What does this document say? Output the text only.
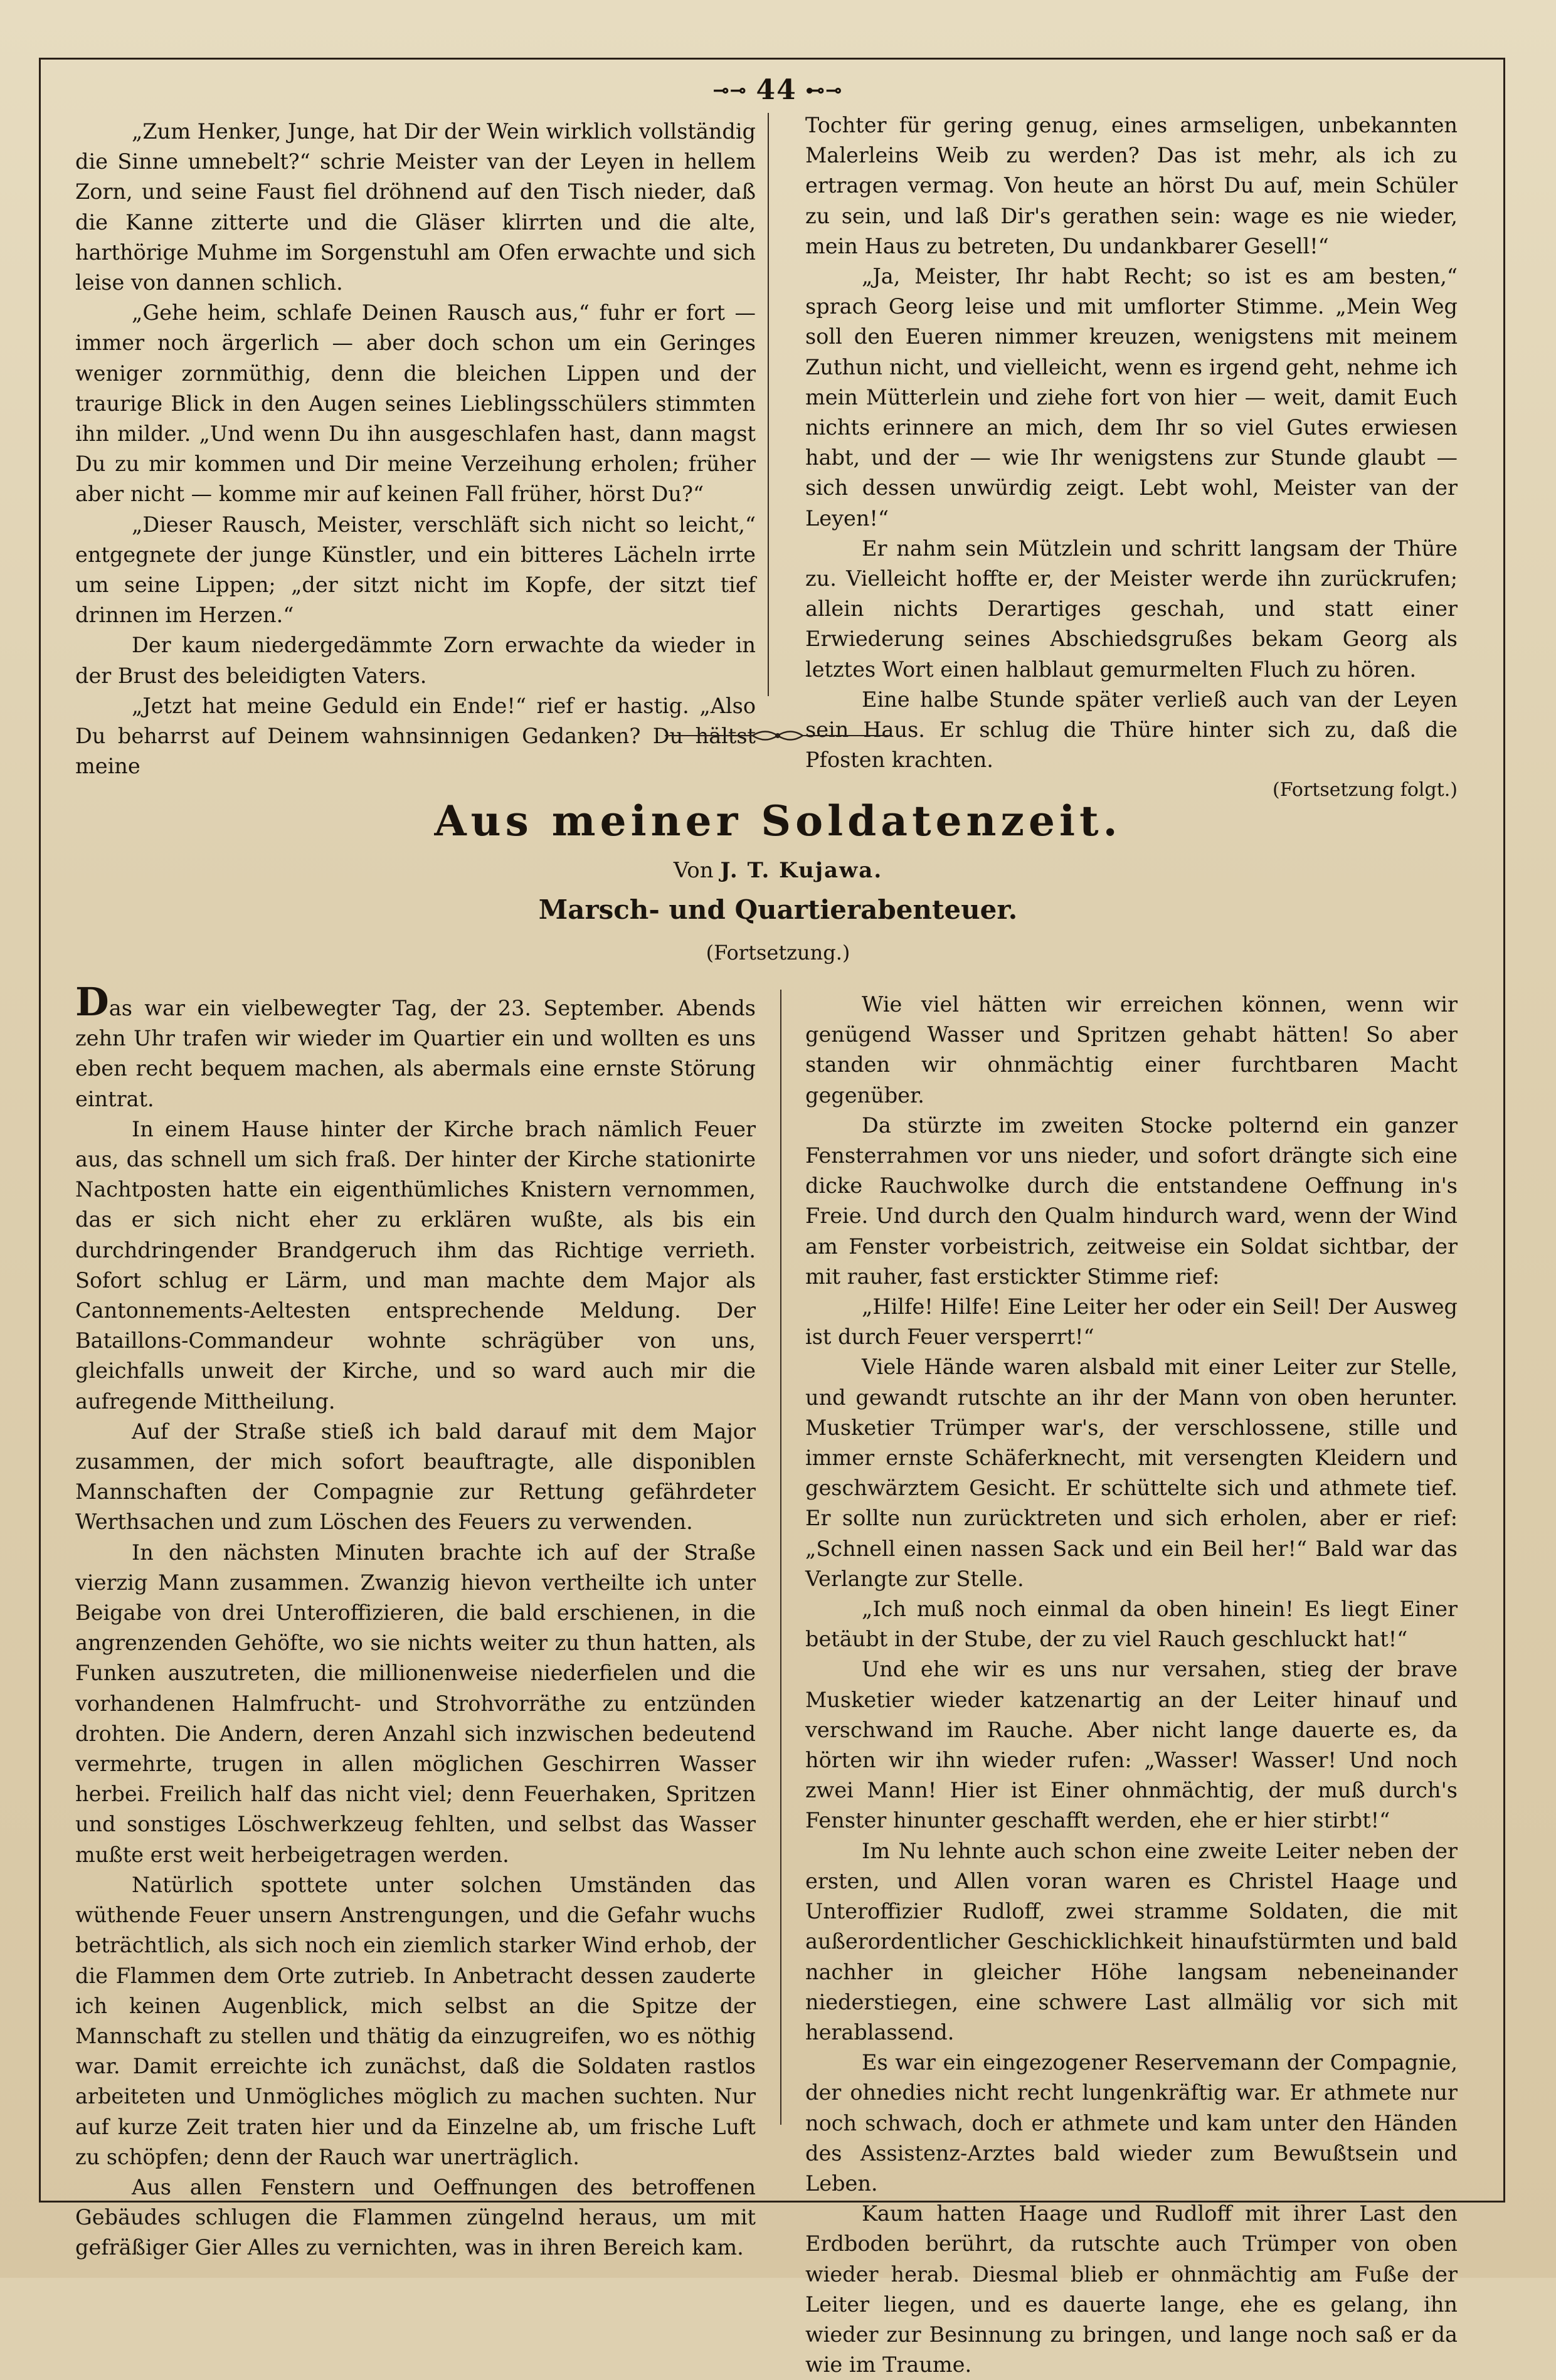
⊸⊸ 44 ⊷⊸

„Zum Henker, Junge, hat Dir der Wein wirklich vollständig die Sinne umnebelt?“ schrie Meister van der Leyen in hellem Zorn, und seine Faust fiel dröhnend auf den Tisch nieder, daß die Kanne zitterte und die Gläser klirrten und die alte, harthörige Muhme im Sorgenstuhl am Ofen erwachte und sich leise von dannen schlich.

„Gehe heim, schlafe Deinen Rausch aus,“ fuhr er fort — immer noch ärgerlich — aber doch schon um ein Geringes weniger zornmüthig, denn die bleichen Lippen und der traurige Blick in den Augen seines Lieblingsschülers stimmten ihn milder. „Und wenn Du ihn ausgeschlafen hast, dann magst Du zu mir kommen und Dir meine Verzeihung erholen; früher aber nicht — komme mir auf keinen Fall früher, hörst Du?“

„Dieser Rausch, Meister, verschläft sich nicht so leicht,“ entgegnete der junge Künstler, und ein bitteres Lächeln irrte um seine Lippen; „der sitzt nicht im Kopfe, der sitzt tief drinnen im Herzen.“

Der kaum niedergedämmte Zorn erwachte da wieder in der Brust des beleidigten Vaters.

„Jetzt hat meine Geduld ein Ende!“ rief er hastig. „Also Du beharrst auf Deinem wahnsinnigen Gedanken? Du hältst meine

Tochter für gering genug, eines armseligen, unbekannten Malerleins Weib zu werden? Das ist mehr, als ich zu ertragen vermag. Von heute an hörst Du auf, mein Schüler zu sein, und laß Dir's gerathen sein: wage es nie wieder, mein Haus zu betreten, Du undankbarer Gesell!“

„Ja, Meister, Ihr habt Recht; so ist es am besten,“ sprach Georg leise und mit umflorter Stimme. „Mein Weg soll den Eueren nimmer kreuzen, wenigstens mit meinem Zuthun nicht, und vielleicht, wenn es irgend geht, nehme ich mein Mütterlein und ziehe fort von hier — weit, damit Euch nichts erinnere an mich, dem Ihr so viel Gutes erwiesen habt, und der — wie Ihr wenigstens zur Stunde glaubt — sich dessen unwürdig zeigt. Lebt wohl, Meister van der Leyen!“

Er nahm sein Mützlein und schritt langsam der Thüre zu. Vielleicht hoffte er, der Meister werde ihn zurückrufen; allein nichts Derartiges geschah, und statt einer Erwiederung seines Abschiedsgrußes bekam Georg als letztes Wort einen halblaut gemurmelten Fluch zu hören.

Eine halbe Stunde später verließ auch van der Leyen sein Haus. Er schlug die Thüre hinter sich zu, daß die Pfosten krachten.

(Fortsetzung folgt.)

Aus meiner Soldatenzeit.
Von J. T. Kujawa.
Marsch- und Quartierabenteuer.
(Fortsetzung.)

Das war ein vielbewegter Tag, der 23. September. Abends zehn Uhr trafen wir wieder im Quartier ein und wollten es uns eben recht bequem machen, als abermals eine ernste Störung eintrat.

In einem Hause hinter der Kirche brach nämlich Feuer aus, das schnell um sich fraß. Der hinter der Kirche stationirte Nachtposten hatte ein eigenthümliches Knistern vernommen, das er sich nicht eher zu erklären wußte, als bis ein durchdringender Brandgeruch ihm das Richtige verrieth. Sofort schlug er Lärm, und man machte dem Major als Cantonnements-Aeltesten entsprechende Meldung. Der Bataillons-Commandeur wohnte schrägüber von uns, gleichfalls unweit der Kirche, und so ward auch mir die aufregende Mittheilung.

Auf der Straße stieß ich bald darauf mit dem Major zusammen, der mich sofort beauftragte, alle disponiblen Mannschaften der Compagnie zur Rettung gefährdeter Werthsachen und zum Löschen des Feuers zu verwenden.

In den nächsten Minuten brachte ich auf der Straße vierzig Mann zusammen. Zwanzig hievon vertheilte ich unter Beigabe von drei Unteroffizieren, die bald erschienen, in die angrenzenden Gehöfte, wo sie nichts weiter zu thun hatten, als Funken auszutreten, die millionenweise niederfielen und die vorhandenen Halmfrucht- und Strohvorräthe zu entzünden drohten. Die Andern, deren Anzahl sich inzwischen bedeutend vermehrte, trugen in allen möglichen Geschirren Wasser herbei. Freilich half das nicht viel; denn Feuerhaken, Spritzen und sonstiges Löschwerkzeug fehlten, und selbst das Wasser mußte erst weit herbeigetragen werden.

Natürlich spottete unter solchen Umständen das wüthende Feuer unsern Anstrengungen, und die Gefahr wuchs beträchtlich, als sich noch ein ziemlich starker Wind erhob, der die Flammen dem Orte zutrieb. In Anbetracht dessen zauderte ich keinen Augenblick, mich selbst an die Spitze der Mannschaft zu stellen und thätig da einzugreifen, wo es nöthig war. Damit erreichte ich zunächst, daß die Soldaten rastlos arbeiteten und Unmögliches möglich zu machen suchten. Nur auf kurze Zeit traten hier und da Einzelne ab, um frische Luft zu schöpfen; denn der Rauch war unerträglich.

Aus allen Fenstern und Oeffnungen des betroffenen Gebäudes schlugen die Flammen züngelnd heraus, um mit gefräßiger Gier Alles zu vernichten, was in ihren Bereich kam.

Wie viel hätten wir erreichen können, wenn wir genügend Wasser und Spritzen gehabt hätten! So aber standen wir ohnmächtig einer furchtbaren Macht gegenüber.

Da stürzte im zweiten Stocke polternd ein ganzer Fensterrahmen vor uns nieder, und sofort drängte sich eine dicke Rauchwolke durch die entstandene Oeffnung in's Freie. Und durch den Qualm hindurch ward, wenn der Wind am Fenster vorbeistrich, zeitweise ein Soldat sichtbar, der mit rauher, fast erstickter Stimme rief:

„Hilfe! Hilfe! Eine Leiter her oder ein Seil! Der Ausweg ist durch Feuer versperrt!“

Viele Hände waren alsbald mit einer Leiter zur Stelle, und gewandt rutschte an ihr der Mann von oben herunter. Musketier Trümper war's, der verschlossene, stille und immer ernste Schäferknecht, mit versengten Kleidern und geschwärztem Gesicht. Er schüttelte sich und athmete tief. Er sollte nun zurücktreten und sich erholen, aber er rief: „Schnell einen nassen Sack und ein Beil her!“ Bald war das Verlangte zur Stelle.

„Ich muß noch einmal da oben hinein! Es liegt Einer betäubt in der Stube, der zu viel Rauch geschluckt hat!“

Und ehe wir es uns nur versahen, stieg der brave Musketier wieder katzenartig an der Leiter hinauf und verschwand im Rauche. Aber nicht lange dauerte es, da hörten wir ihn wieder rufen: „Wasser! Wasser! Und noch zwei Mann! Hier ist Einer ohnmächtig, der muß durch's Fenster hinunter geschafft werden, ehe er hier stirbt!“

Im Nu lehnte auch schon eine zweite Leiter neben der ersten, und Allen voran waren es Christel Haage und Unteroffizier Rudloff, zwei stramme Soldaten, die mit außerordentlicher Geschicklichkeit hinaufstürmten und bald nachher in gleicher Höhe langsam nebeneinander niederstiegen, eine schwere Last allmälig vor sich mit herablassend.

Es war ein eingezogener Reservemann der Compagnie, der ohnedies nicht recht lungenkräftig war. Er athmete nur noch schwach, doch er athmete und kam unter den Händen des Assistenz-Arztes bald wieder zum Bewußtsein und Leben.

Kaum hatten Haage und Rudloff mit ihrer Last den Erdboden berührt, da rutschte auch Trümper von oben wieder herab. Diesmal blieb er ohnmächtig am Fuße der Leiter liegen, und es dauerte lange, ehe es gelang, ihn wieder zur Besinnung zu bringen, und lange noch saß er da wie im Traume.
